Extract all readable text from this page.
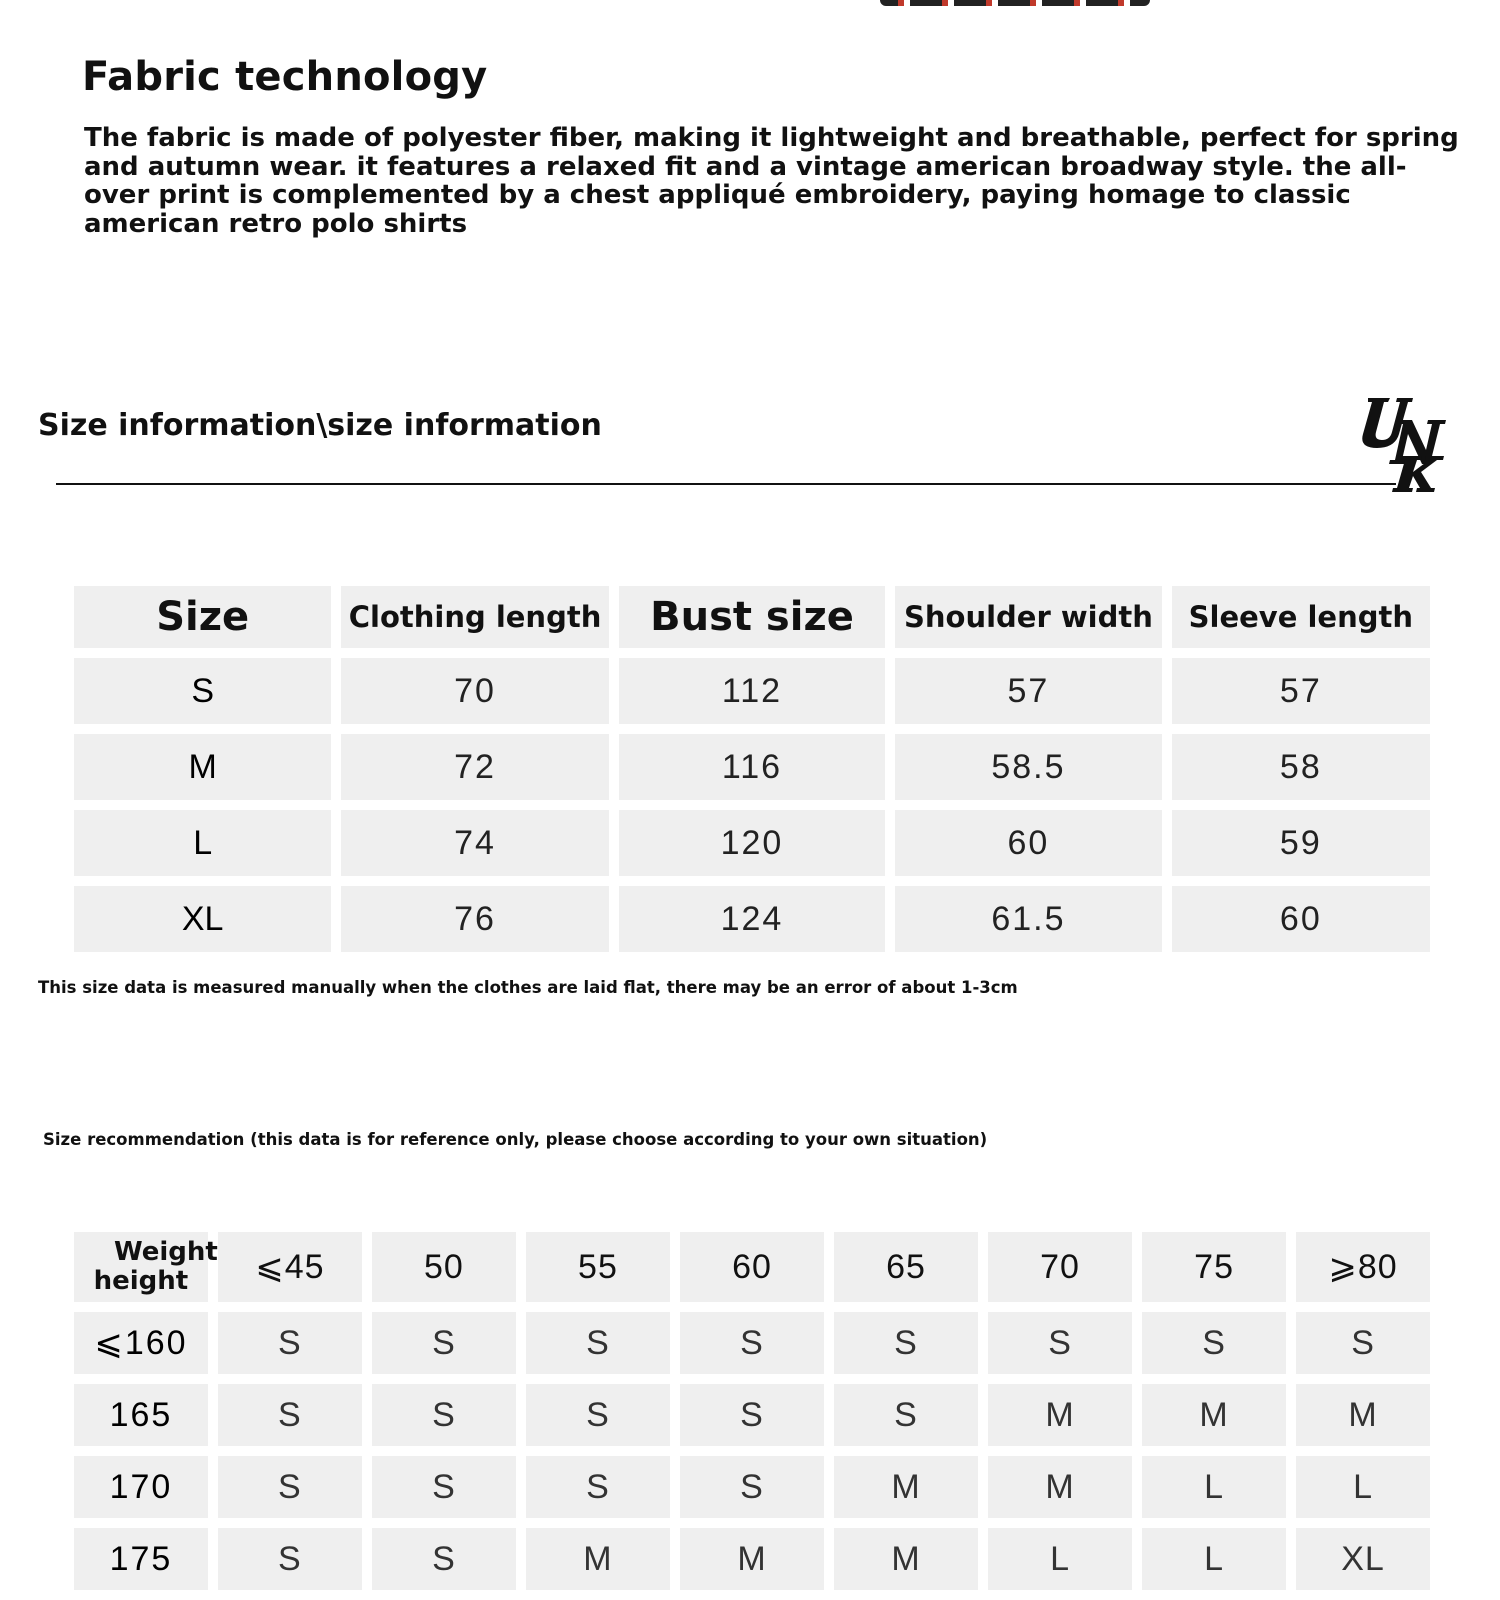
Fabric technology

The fabric is made of polyester fiber, making it lightweight and breathable, perfect for spring and autumn wear. it features a relaxed fit and a vintage american broadway style. the all-over print is complemented by a chest appliqué embroidery, paying homage to classic american retro polo shirts

Size information\size information
Size	Clothing length	Bust size	Shoulder width	Sleeve length
S	70	112	57	57
M	72	116	58.5	58
L	74	120	60	59
XL	76	124	61.5	60

This size data is measured manually when the clothes are laid flat, there may be an error of about 1-3cm

Size recommendation (this data is for reference only, please choose according to your own situation)

Weight
height	⩽45	50	55	60	65	70	75	⩾80
⩽160	S	S	S	S	S	S	S	S
165	S	S	S	S	S	M	M	M
170	S	S	S	S	M	M	L	L
175	S	S	M	M	M	L	L	XL
